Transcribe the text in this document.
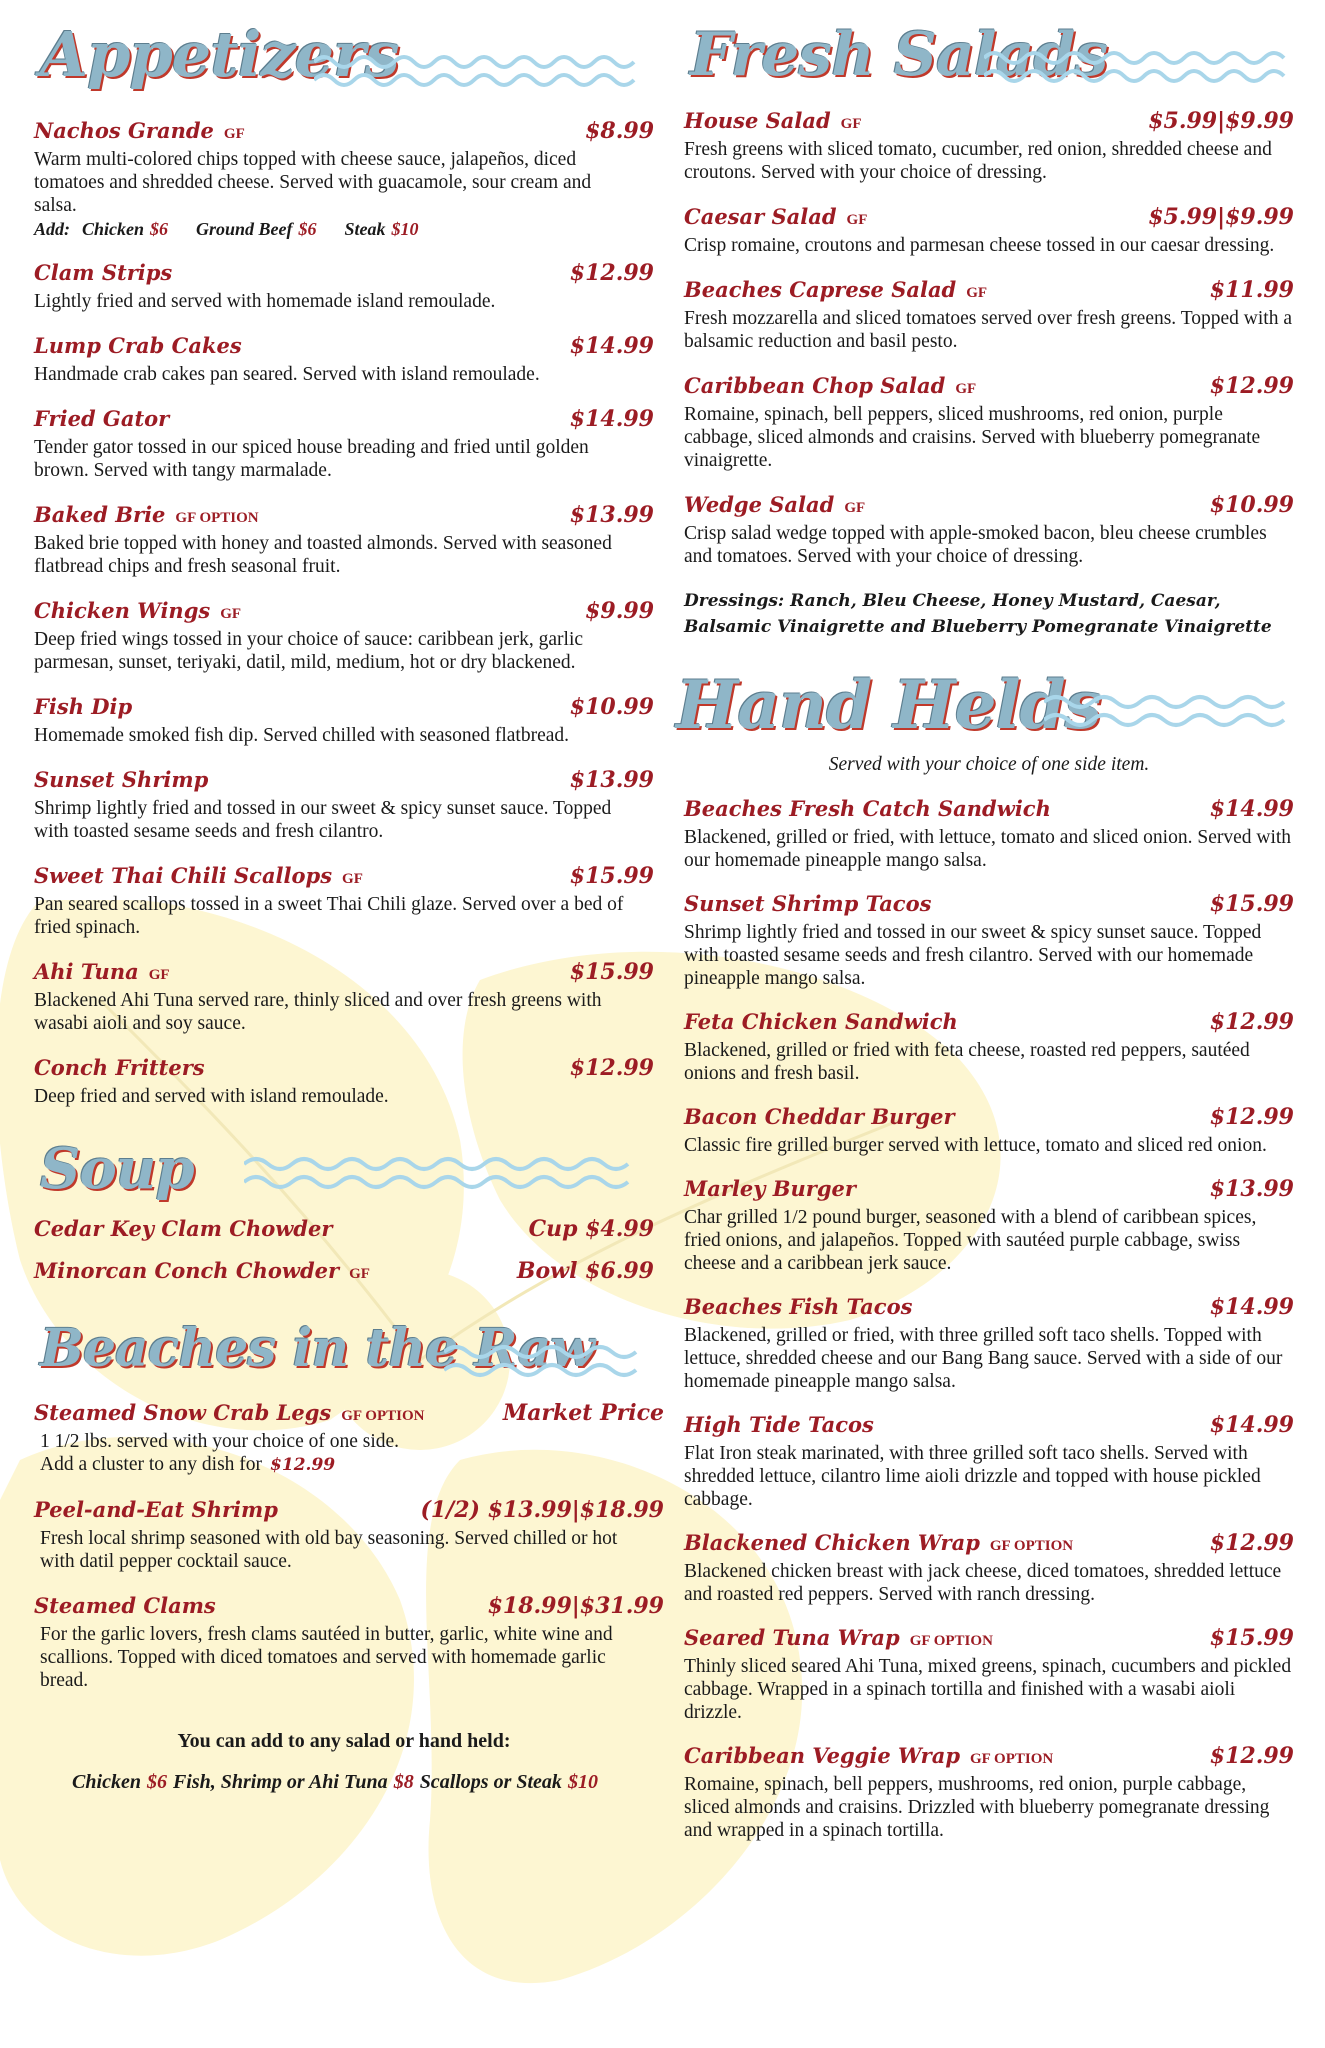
Appetizers
Nachos Grande GF	$8.99
Warm multi-colored chips topped with cheese sauce, jalapeños, diced tomatoes and shredded cheese. Served with guacamole, sour cream and salsa.
Add: Chicken $6 Ground Beef $6 Steak $10
Clam Strips	$12.99
Lightly fried and served with homemade island remoulade.
Lump Crab Cakes	$14.99
Handmade crab cakes pan seared. Served with island remoulade.
Fried Gator	$14.99
Tender gator tossed in our spiced house breading and fried until golden brown. Served with tangy marmalade.
Baked Brie GF OPTION	$13.99
Baked brie topped with honey and toasted almonds. Served with seasoned flatbread chips and fresh seasonal fruit.
Chicken Wings GF	$9.99
Deep fried wings tossed in your choice of sauce: caribbean jerk, garlic parmesan, sunset, teriyaki, datil, mild, medium, hot or dry blackened.
Fish Dip	$10.99
Homemade smoked fish dip. Served chilled with seasoned flatbread.
Sunset Shrimp	$13.99
Shrimp lightly fried and tossed in our sweet & spicy sunset sauce. Topped with toasted sesame seeds and fresh cilantro.
Sweet Thai Chili Scallops GF	$15.99
Pan seared scallops tossed in a sweet Thai Chili glaze. Served over a bed of fried spinach.
Ahi Tuna GF	$15.99
Blackened Ahi Tuna served rare, thinly sliced and over fresh greens with wasabi aioli and soy sauce.
Conch Fritters	$12.99
Deep fried and served with island remoulade.
Soup
Cedar Key Clam Chowder	Cup $4.99
Minorcan Conch Chowder GF	Bowl $6.99
Beaches in the Raw
Steamed Snow Crab Legs GF OPTION	Market Price
1 1/2 lbs. served with your choice of one side.
Add a cluster to any dish for $12.99
Peel-and-Eat Shrimp	(1/2) $13.99|$18.99
Fresh local shrimp seasoned with old bay seasoning. Served chilled or hot with datil pepper cocktail sauce.
Steamed Clams	$18.99|$31.99
For the garlic lovers, fresh clams sautéed in butter, garlic, white wine and scallions. Topped with diced tomatoes and served with homemade garlic bread.
You can add to any salad or hand held:
Chicken $6 Fish, Shrimp or Ahi Tuna $8 Scallops or Steak $10
Fresh Salads
House Salad GF	$5.99|$9.99
Fresh greens with sliced tomato, cucumber, red onion, shredded cheese and croutons. Served with your choice of dressing.
Caesar Salad GF	$5.99|$9.99
Crisp romaine, croutons and parmesan cheese tossed in our caesar dressing.
Beaches Caprese Salad GF	$11.99
Fresh mozzarella and sliced tomatoes served over fresh greens. Topped with a balsamic reduction and basil pesto.
Caribbean Chop Salad GF	$12.99
Romaine, spinach, bell peppers, sliced mushrooms, red onion, purple cabbage, sliced almonds and craisins. Served with blueberry pomegranate vinaigrette.
Wedge Salad GF	$10.99
Crisp salad wedge topped with apple-smoked bacon, bleu cheese crumbles and tomatoes. Served with your choice of dressing.
Dressings: Ranch, Bleu Cheese, Honey Mustard, Caesar, Balsamic Vinaigrette and Blueberry Pomegranate Vinaigrette
Hand Helds
Served with your choice of one side item.
Beaches Fresh Catch Sandwich	$14.99
Blackened, grilled or fried, with lettuce, tomato and sliced onion. Served with our homemade pineapple mango salsa.
Sunset Shrimp Tacos	$15.99
Shrimp lightly fried and tossed in our sweet & spicy sunset sauce. Topped with toasted sesame seeds and fresh cilantro. Served with our homemade pineapple mango salsa.
Feta Chicken Sandwich	$12.99
Blackened, grilled or fried with feta cheese, roasted red peppers, sautéed onions and fresh basil.
Bacon Cheddar Burger	$12.99
Classic fire grilled burger served with lettuce, tomato and sliced red onion.
Marley Burger	$13.99
Char grilled 1/2 pound burger, seasoned with a blend of caribbean spices, fried onions, and jalapeños. Topped with sautéed purple cabbage, swiss cheese and a caribbean jerk sauce.
Beaches Fish Tacos	$14.99
Blackened, grilled or fried, with three grilled soft taco shells. Topped with lettuce, shredded cheese and our Bang Bang sauce. Served with a side of our homemade pineapple mango salsa.
High Tide Tacos	$14.99
Flat Iron steak marinated, with three grilled soft taco shells. Served with shredded lettuce, cilantro lime aioli drizzle and topped with house pickled cabbage.
Blackened Chicken Wrap GF OPTION	$12.99
Blackened chicken breast with jack cheese, diced tomatoes, shredded lettuce and roasted red peppers. Served with ranch dressing.
Seared Tuna Wrap GF OPTION	$15.99
Thinly sliced seared Ahi Tuna, mixed greens, spinach, cucumbers and pickled cabbage. Wrapped in a spinach tortilla and finished with a wasabi aioli drizzle.
Caribbean Veggie Wrap GF OPTION	$12.99
Romaine, spinach, bell peppers, mushrooms, red onion, purple cabbage, sliced almonds and craisins. Drizzled with blueberry pomegranate dressing and wrapped in a spinach tortilla.
